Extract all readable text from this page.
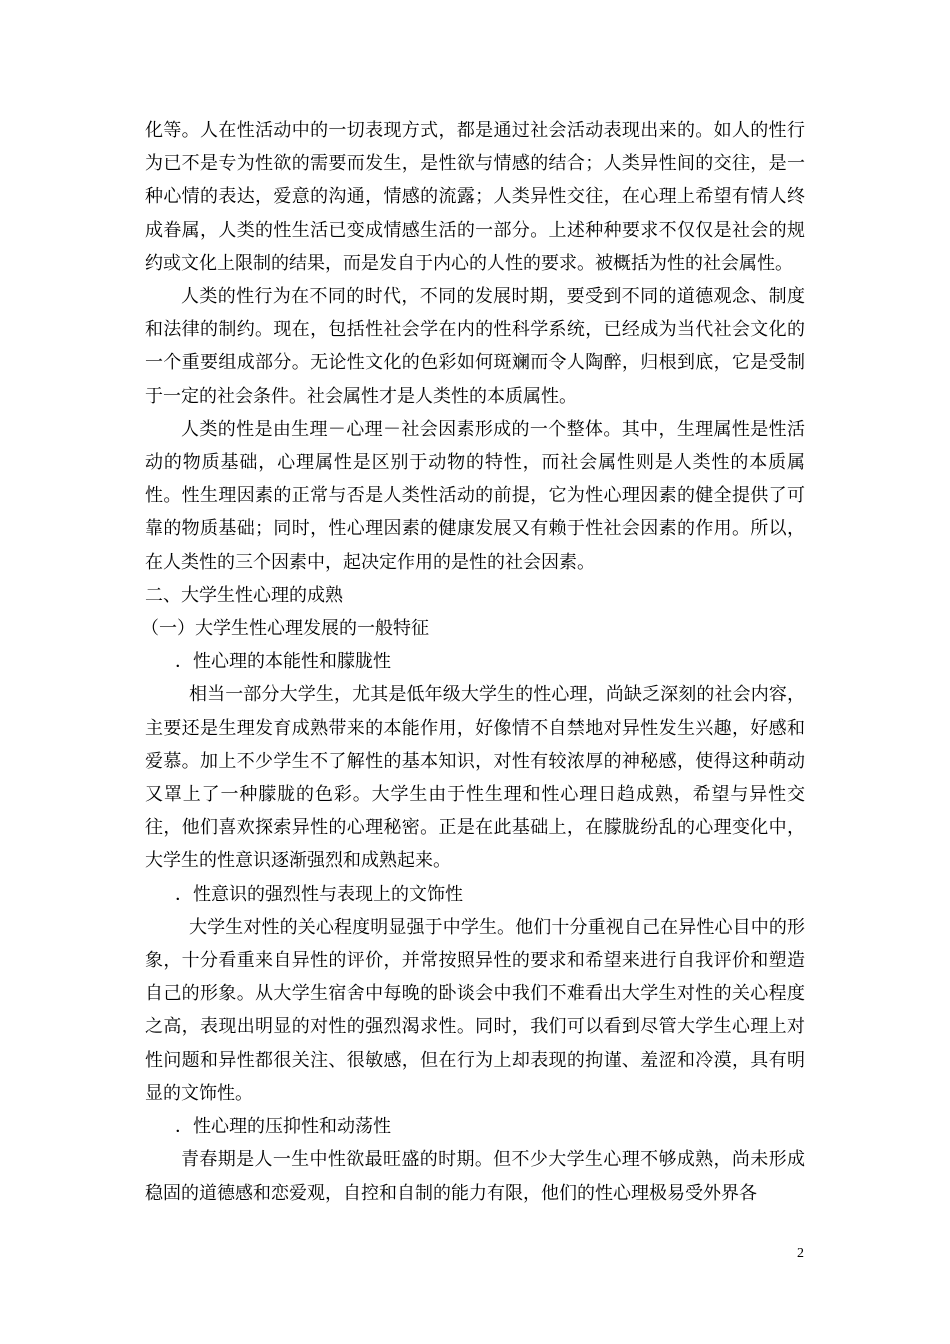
化等。人在性活动中的一切表现方式，都是通过社会活动表现出来的。如人的性行为已不是专为性欲的需要而发生，是性欲与情感的结合；人类异性间的交往，是一种心情的表达，爱意的沟通，情感的流露；人类异性交往，在心理上希望有情人终成眷属，人类的性生活已变成情感生活的一部分。上述种种要求不仅仅是社会的规约或文化上限制的结果，而是发自于内心的人性的要求。被概括为性的社会属性。

人类的性行为在不同的时代，不同的发展时期，要受到不同的道德观念、制度和法律的制约。现在，包括性社会学在内的性科学系统，已经成为当代社会文化的一个重要组成部分。无论性文化的色彩如何斑斓而令人陶醉，归根到底，它是受制于一定的社会条件。社会属性才是人类性的本质属性。

人类的性是由生理－心理－社会因素形成的一个整体。其中，生理属性是性活动的物质基础，心理属性是区别于动物的特性，而社会属性则是人类性的本质属性。性生理因素的正常与否是人类性活动的前提，它为性心理因素的健全提供了可靠的物质基础；同时，性心理因素的健康发展又有赖于性社会因素的作用。所以，在人类性的三个因素中，起决定作用的是性的社会因素。

二、大学生性心理的成熟

（一）大学生性心理发展的一般特征

．性心理的本能性和朦胧性

相当一部分大学生，尤其是低年级大学生的性心理，尚缺乏深刻的社会内容，主要还是生理发育成熟带来的本能作用，好像情不自禁地对异性发生兴趣，好感和爱慕。加上不少学生不了解性的基本知识，对性有较浓厚的神秘感，使得这种萌动又罩上了一种朦胧的色彩。大学生由于性生理和性心理日趋成熟，希望与异性交往，他们喜欢探索异性的心理秘密。正是在此基础上，在朦胧纷乱的心理变化中，大学生的性意识逐渐强烈和成熟起来。

．性意识的强烈性与表现上的文饰性

大学生对性的关心程度明显强于中学生。他们十分重视自己在异性心目中的形象，十分看重来自异性的评价，并常按照异性的要求和希望来进行自我评价和塑造自己的形象。从大学生宿舍中每晚的卧谈会中我们不难看出大学生对性的关心程度之高，表现出明显的对性的强烈渴求性。同时，我们可以看到尽管大学生心理上对性问题和异性都很关注、很敏感，但在行为上却表现的拘谨、羞涩和冷漠，具有明显的文饰性。

．性心理的压抑性和动荡性

青春期是人一生中性欲最旺盛的时期。但不少大学生心理不够成熟，尚未形成稳固的道德感和恋爱观，自控和自制的能力有限，他们的性心理极易受外界各

2
